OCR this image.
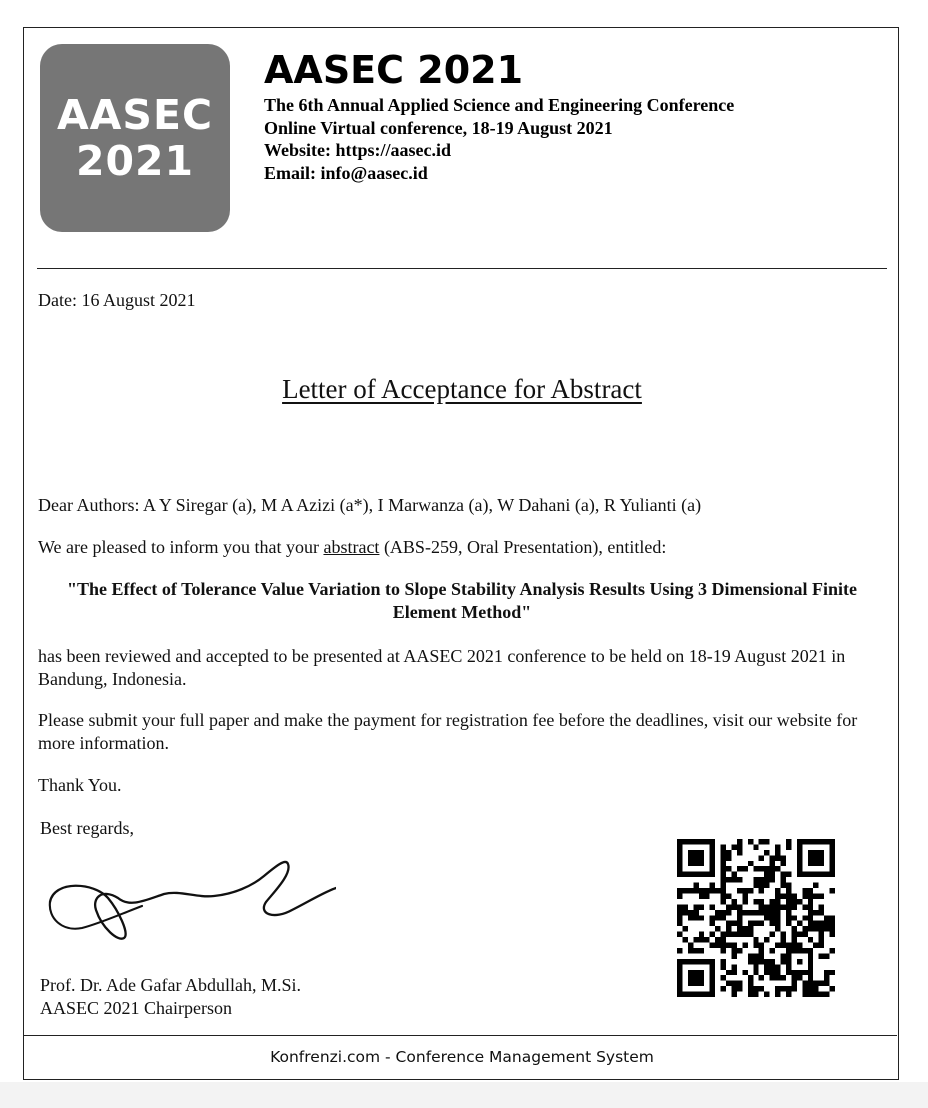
AASEC
2021
AASEC 2021
The 6th Annual Applied Science and Engineering Conference
Online Virtual conference, 18-19 August 2021
Website: https://aasec.id
Email: info@aasec.id
Date: 16 August 2021
Letter of Acceptance for Abstract
Dear Authors: A Y Siregar (a), M A Azizi (a*), I Marwanza (a), W Dahani (a), R Yulianti (a)
We are pleased to inform you that your abstract (ABS-259, Oral Presentation), entitled:
"The Effect of Tolerance Value Variation to Slope Stability Analysis Results Using 3 Dimensional Finite Element Method"
has been reviewed and accepted to be presented at AASEC 2021 conference to be held on 18-19 August 2021 in Bandung, Indonesia.
Please submit your full paper and make the payment for registration fee before the deadlines, visit our website for more information.
Thank You.
Best regards,
Prof. Dr. Ade Gafar Abdullah, M.Si.
AASEC 2021 Chairperson
Konfrenzi.com - Conference Management System
